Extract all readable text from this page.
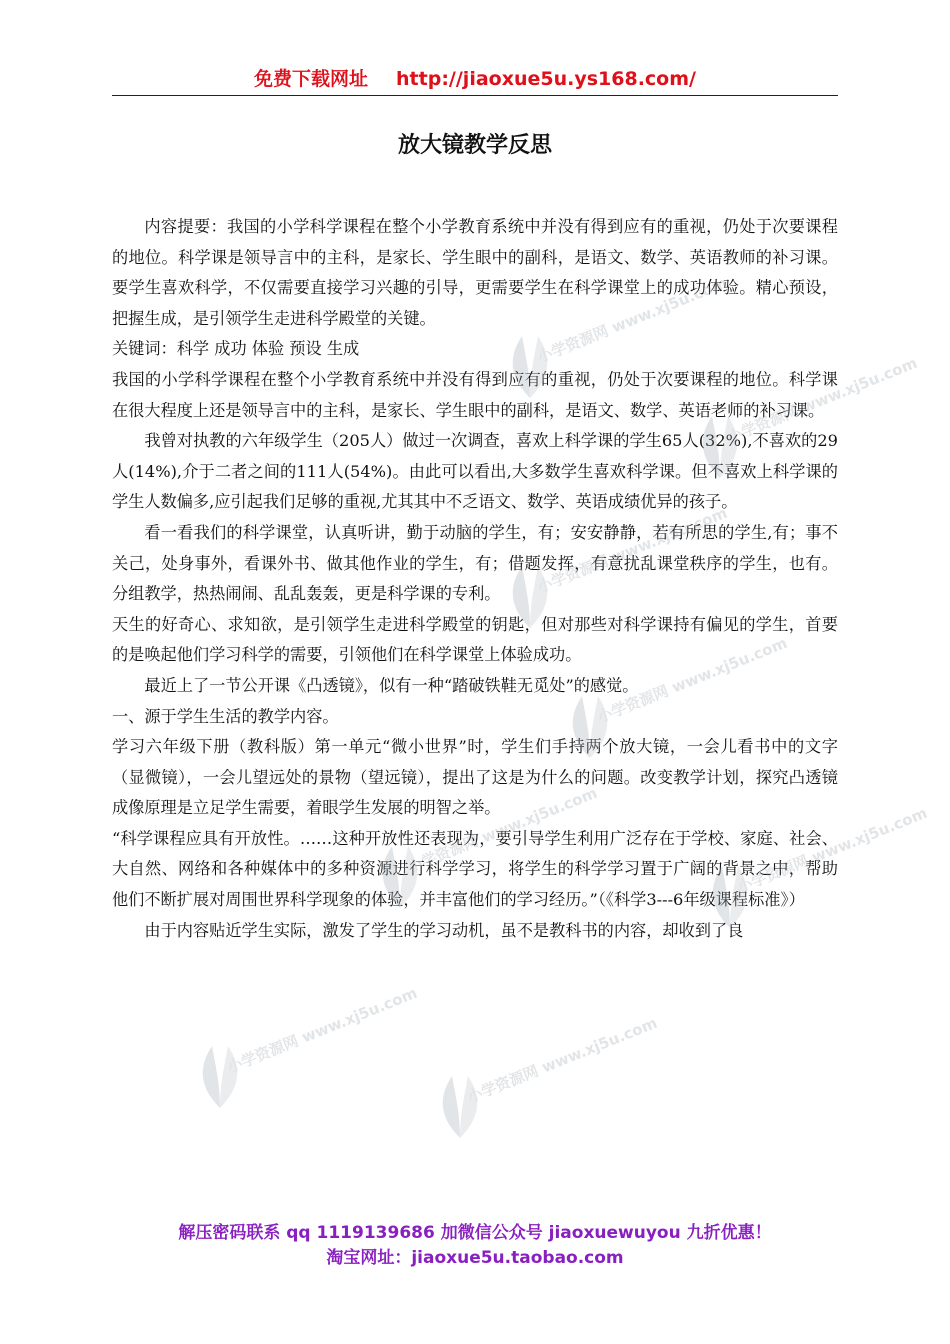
免费下载网址 http://jiaoxue5u.ys168.com/
放大镜教学反思

内容提要：我国的小学科学课程在整个小学教育系统中并没有得到应有的重视，仍处于次要课程的地位。科学课是领导言中的主科，是家长、学生眼中的副科，是语文、数学、英语教师的补习课。要学生喜欢科学，不仅需要直接学习兴趣的引导，更需要学生在科学课堂上的成功体验。精心预设，把握生成，是引领学生走进科学殿堂的关键。

关键词：科学 成功 体验 预设 生成

我国的小学科学课程在整个小学教育系统中并没有得到应有的重视，仍处于次要课程的地位。科学课在很大程度上还是领导言中的主科，是家长、学生眼中的副科，是语文、数学、英语老师的补习课。

我曾对执教的六年级学生（205人）做过一次调查，喜欢上科学课的学生65人(32%),不喜欢的29人(14%),介于二者之间的111人(54%)。由此可以看出,大多数学生喜欢科学课。但不喜欢上科学课的学生人数偏多,应引起我们足够的重视,尤其其中不乏语文、数学、英语成绩优异的孩子。

看一看我们的科学课堂，认真听讲，勤于动脑的学生，有；安安静静，若有所思的学生,有；事不关己，处身事外，看课外书、做其他作业的学生，有；借题发挥，有意扰乱课堂秩序的学生，也有。分组教学，热热闹闹、乱乱轰轰，更是科学课的专利。

天生的好奇心、求知欲，是引领学生走进科学殿堂的钥匙，但对那些对科学课持有偏见的学生，首要的是唤起他们学习科学的需要，引领他们在科学课堂上体验成功。

最近上了一节公开课《凸透镜》，似有一种“踏破铁鞋无觅处”的感觉。

一、源于学生生活的教学内容。

学习六年级下册（教科版）第一单元“微小世界”时，学生们手持两个放大镜，一会儿看书中的文字（显微镜），一会儿望远处的景物（望远镜），提出了这是为什么的问题。改变教学计划，探究凸透镜成像原理是立足学生需要，着眼学生发展的明智之举。

“科学课程应具有开放性。……这种开放性还表现为，要引导学生利用广泛存在于学校、家庭、社会、大自然、网络和各种媒体中的多种资源进行科学学习，将学生的科学学习置于广阔的背景之中，帮助他们不断扩展对周围世界科学现象的体验，并丰富他们的学习经历。”（《科学3---6年级课程标准》）

由于内容贴近学生实际，激发了学生的学习动机，虽不是教科书的内容，却收到了良

小学资源网 www.xj5u.com
小学资源网 www.xj5u.com
小学资源网 www.xj5u.com
小学资源网 www.xj5u.com
小学资源网 www.xj5u.com	小学资源网 www.xj5u.com
小学资源网 www.xj5u.com	小学资源网 www.xj5u.com
解压密码联系 qq 1119139686 加微信公众号 jiaoxuewuyou 九折优惠！
淘宝网址：jiaoxue5u.taobao.com
